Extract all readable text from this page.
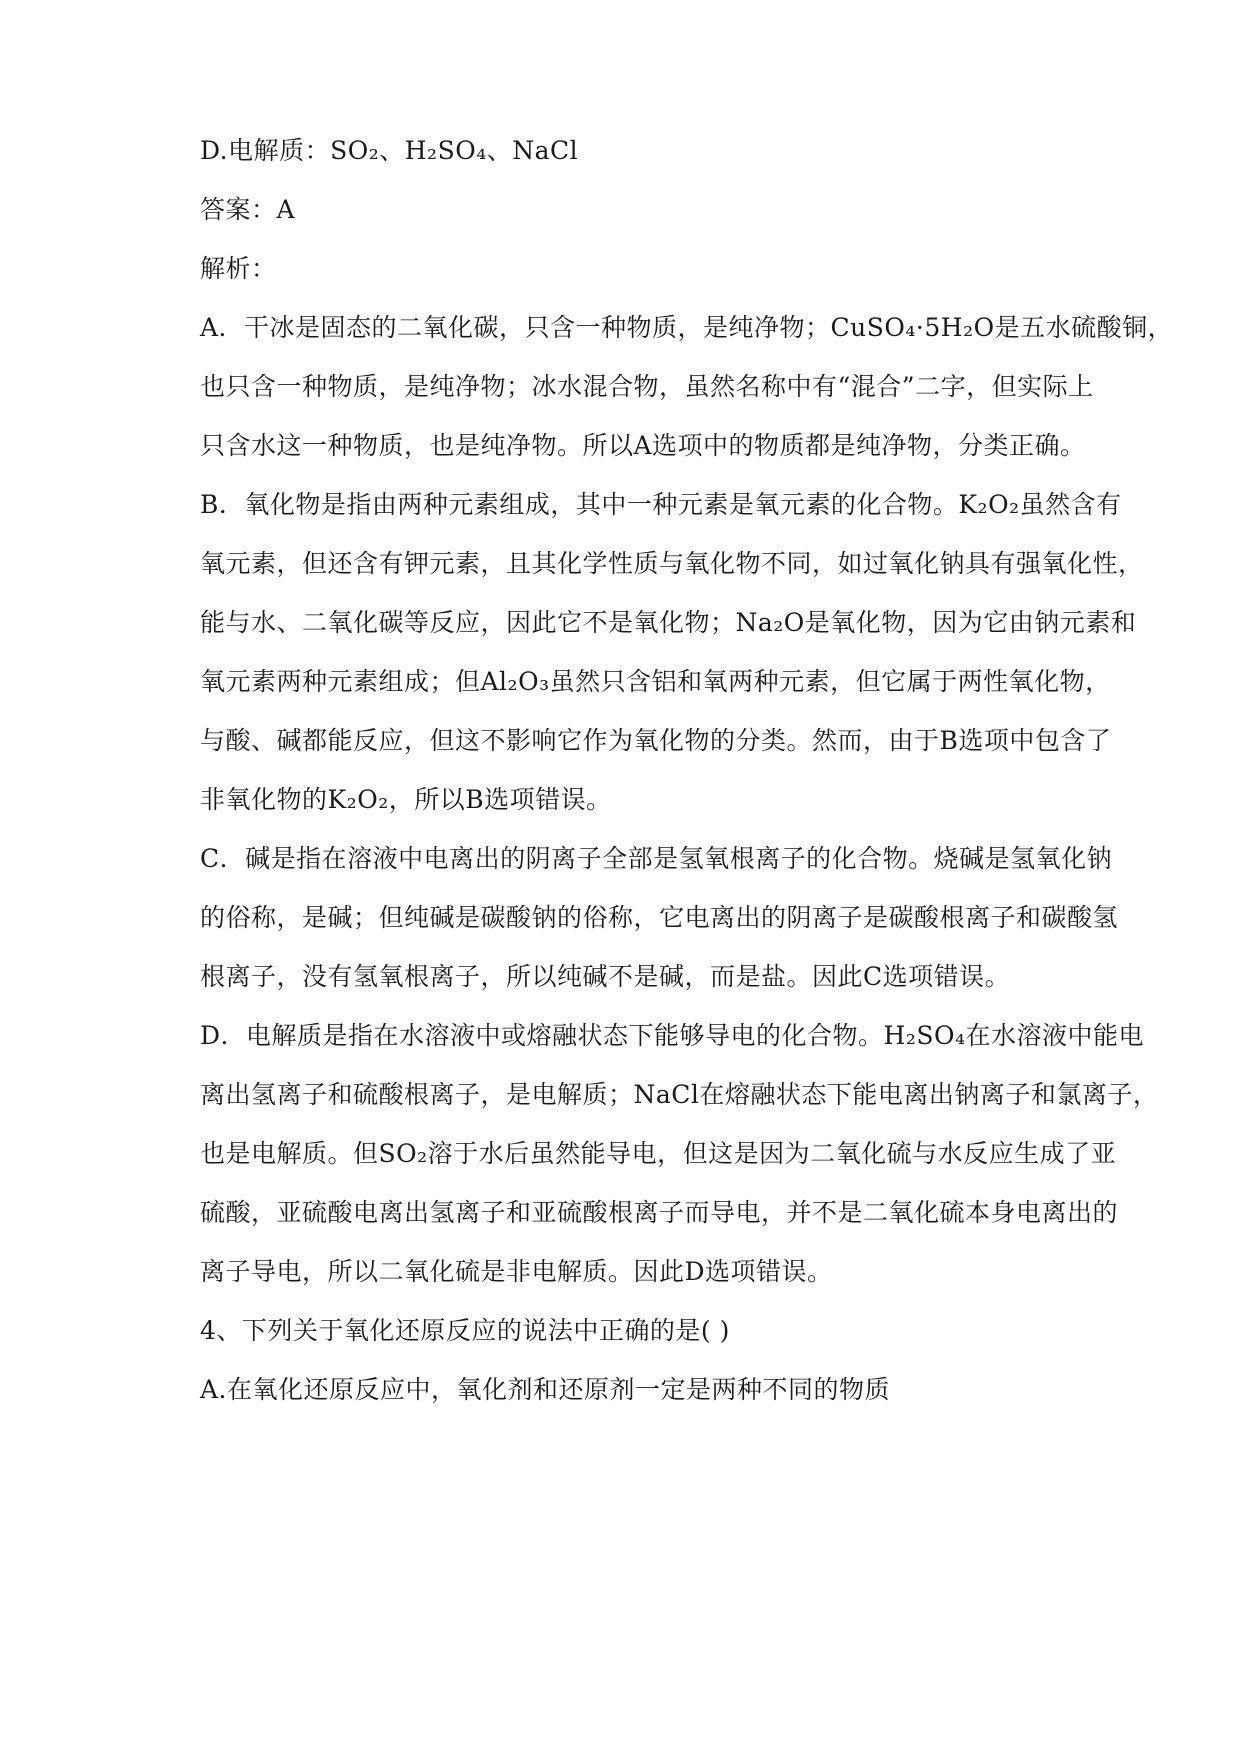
D.电解质：SO₂、H₂SO₄、NaCl
答案：A
解析：
A．干冰是固态的二氧化碳，只含一种物质，是纯净物；CuSO₄·5H₂O是五水硫酸铜，
也只含一种物质，是纯净物；冰水混合物，虽然名称中有“混合”二字，但实际上
只含水这一种物质，也是纯净物。所以A选项中的物质都是纯净物，分类正确。
B．氧化物是指由两种元素组成，其中一种元素是氧元素的化合物。K₂O₂虽然含有
氧元素，但还含有钾元素，且其化学性质与氧化物不同，如过氧化钠具有强氧化性，
能与水、二氧化碳等反应，因此它不是氧化物；Na₂O是氧化物，因为它由钠元素和
氧元素两种元素组成；但Al₂O₃虽然只含铝和氧两种元素，但它属于两性氧化物，
与酸、碱都能反应，但这不影响它作为氧化物的分类。然而，由于B选项中包含了
非氧化物的K₂O₂，所以B选项错误。
C．碱是指在溶液中电离出的阴离子全部是氢氧根离子的化合物。烧碱是氢氧化钠
的俗称，是碱；但纯碱是碳酸钠的俗称，它电离出的阴离子是碳酸根离子和碳酸氢
根离子，没有氢氧根离子，所以纯碱不是碱，而是盐。因此C选项错误。
D．电解质是指在水溶液中或熔融状态下能够导电的化合物。H₂SO₄在水溶液中能电
离出氢离子和硫酸根离子，是电解质；NaCl在熔融状态下能电离出钠离子和氯离子，
也是电解质。但SO₂溶于水后虽然能导电，但这是因为二氧化硫与水反应生成了亚
硫酸，亚硫酸电离出氢离子和亚硫酸根离子而导电，并不是二氧化硫本身电离出的
离子导电，所以二氧化硫是非电解质。因此D选项错误。
4、下列关于氧化还原反应的说法中正确的是( )
A.在氧化还原反应中，氧化剂和还原剂一定是两种不同的物质
